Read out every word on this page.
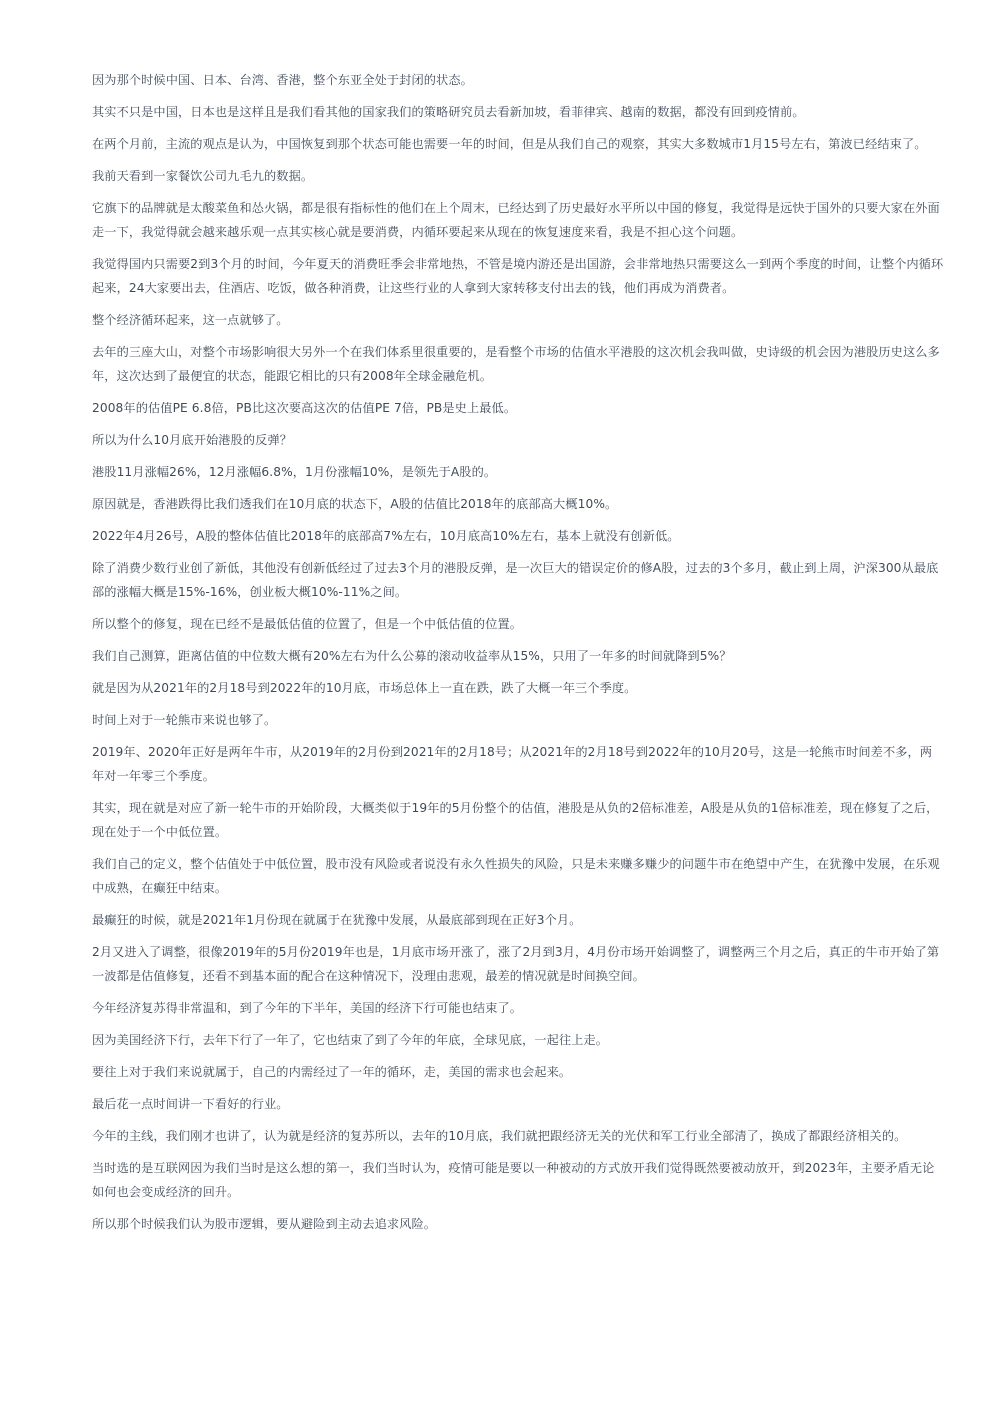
因为那个时候中国、日本、台湾、香港，整个东亚全处于封闭的状态。

其实不只是中国，日本也是这样且是我们看其他的国家我们的策略研究员去看新加坡，看菲律宾、越南的数据，都没有回到疫情前。

在两个月前，主流的观点是认为，中国恢复到那个状态可能也需要一年的时间，但是从我们自己的观察，其实大多数城市1月15号左右，第波已经结束了。

我前天看到一家餐饮公司九毛九的数据。

它旗下的品牌就是太酸菜鱼和怂火锅，都是很有指标性的他们在上个周末，已经达到了历史最好水平所以中国的修复，我觉得是远快于国外的只要大家在外面走一下，我觉得就会越来越乐观一点其实核心就是要消费，内循环要起来从现在的恢复速度来看，我是不担心这个问题。

我觉得国内只需要2到3个月的时间，今年夏天的消费旺季会非常地热，不管是境内游还是出国游，会非常地热只需要这么一到两个季度的时间，让整个内循环起来，24大家要出去，住酒店、吃饭，做各种消费，让这些行业的人拿到大家转移支付出去的钱，他们再成为消费者。

整个经济循环起来，这一点就够了。

去年的三座大山，对整个市场影响很大另外一个在我们体系里很重要的，是看整个市场的估值水平港股的这次机会我叫做，史诗级的机会因为港股历史这么多年，这次达到了最便宜的状态，能跟它相比的只有2008年全球金融危机。

2008年的估值PE 6.8倍，PB比这次要高这次的估值PE 7倍，PB是史上最低。

所以为什么10月底开始港股的反弹？

港股11月涨幅26%，12月涨幅6.8%，1月份涨幅10%，是领先于A股的。

原因就是，香港跌得比我们透我们在10月底的状态下，A股的估值比2018年的底部高大概10%。

2022年4月26号，A股的整体估值比2018年的底部高7%左右，10月底高10%左右，基本上就没有创新低。

除了消费少数行业创了新低，其他没有创新低经过了过去3个月的港股反弹，是一次巨大的错误定价的修A股，过去的3个多月，截止到上周，沪深300从最底部的涨幅大概是15%-16%，创业板大概10%-11%之间。

所以整个的修复，现在已经不是最低估值的位置了，但是一个中低估值的位置。

我们自己测算，距离估值的中位数大概有20%左右为什么公募的滚动收益率从15%，只用了一年多的时间就降到5%？

就是因为从2021年的2月18号到2022年的10月底，市场总体上一直在跌，跌了大概一年三个季度。

时间上对于一轮熊市来说也够了。

2019年、2020年正好是两年牛市，从2019年的2月份到2021年的2月18号；从2021年的2月18号到2022年的10月20号，这是一轮熊市时间差不多，两年对一年零三个季度。

其实，现在就是对应了新一轮牛市的开始阶段，大概类似于19年的5月份整个的估值，港股是从负的2倍标准差，A股是从负的1倍标准差，现在修复了之后，现在处于一个中低位置。

我们自己的定义，整个估值处于中低位置，股市没有风险或者说没有永久性损失的风险，只是未来赚多赚少的问题牛市在绝望中产生，在犹豫中发展，在乐观中成熟，在癫狂中结束。

最癫狂的时候，就是2021年1月份现在就属于在犹豫中发展，从最底部到现在正好3个月。

2月又进入了调整，很像2019年的5月份2019年也是，1月底市场开涨了，涨了2月到3月，4月份市场开始调整了，调整两三个月之后，真正的牛市开始了第一波都是估值修复，还看不到基本面的配合在这种情况下，没理由悲观，最差的情况就是时间换空间。

今年经济复苏得非常温和，到了今年的下半年，美国的经济下行可能也结束了。

因为美国经济下行，去年下行了一年了，它也结束了到了今年的年底，全球见底，一起往上走。

要往上对于我们来说就属于，自己的内需经过了一年的循环，走，美国的需求也会起来。

最后花一点时间讲一下看好的行业。

今年的主线，我们刚才也讲了，认为就是经济的复苏所以，去年的10月底，我们就把跟经济无关的光伏和军工行业全部清了，换成了都跟经济相关的。

当时选的是互联网因为我们当时是这么想的第一，我们当时认为，疫情可能是要以一种被动的方式放开我们觉得既然要被动放开，到2023年，主要矛盾无论如何也会变成经济的回升。

所以那个时候我们认为股市逻辑，要从避险到主动去追求风险。
